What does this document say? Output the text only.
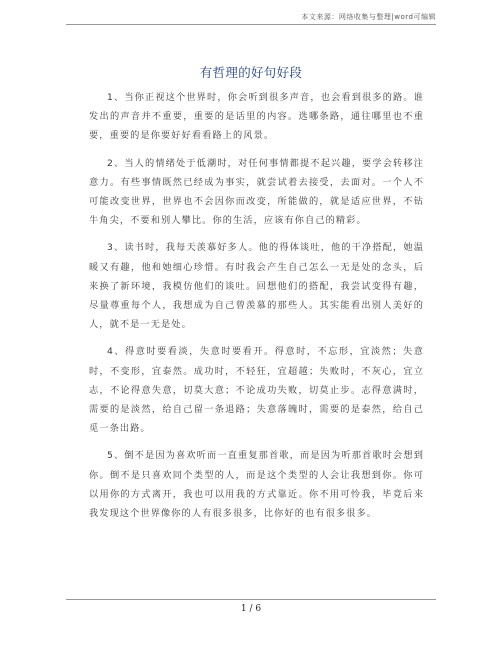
本文来源：网络收集与整理|word可编辑
有哲理的好句好段

1、当你正视这个世界时，你会听到很多声音，也会看到很多的路。谁发出的声音并不重要，重要的是话里的内容。选哪条路，通往哪里也不重要，重要的是你要好好看看路上的风景。

2、当人的情绪处于低潮时，对任何事情都提不起兴趣，要学会转移注意力。有些事情既然已经成为事实，就尝试着去接受，去面对。一个人不可能改变世界，世界也不会因你而改变，所能做的，就是适应世界，不钻牛角尖，不要和别人攀比。你的生活，应该有你自己的精彩。

3、读书时，我每天羡慕好多人。他的得体谈吐，他的干净搭配，她温暖又有趣，他和她细心珍惜。有时我会产生自己怎么一无是处的念头，后来换了新环境，我模仿他们的谈吐。回想他们的搭配，我尝试变得有趣，尽量尊重每个人，我想成为自己曾羡慕的那些人。其实能看出别人美好的人，就不是一无是处。

4、得意时要看淡，失意时要看开。得意时，不忘形，宜淡然；失意时，不变形，宜泰然。成功时，不轻狂，宜超越；失败时，不灰心，宜立志，不论得意失意，切莫大意；不论成功失败，切莫止步。志得意满时，需要的是淡然，给自己留一条退路；失意落魄时，需要的是泰然，给自己觅一条出路。

5、倒不是因为喜欢听而一直重复那首歌，而是因为听那首歌时会想到你。倒不是只喜欢同个类型的人，而是这个类型的人会让我想到你。你可以用你的方式离开，我也可以用我的方式靠近。你不用可怜我，毕竟后来我发现这个世界像你的人有很多很多，比你好的也有很多很多。

1 / 6
